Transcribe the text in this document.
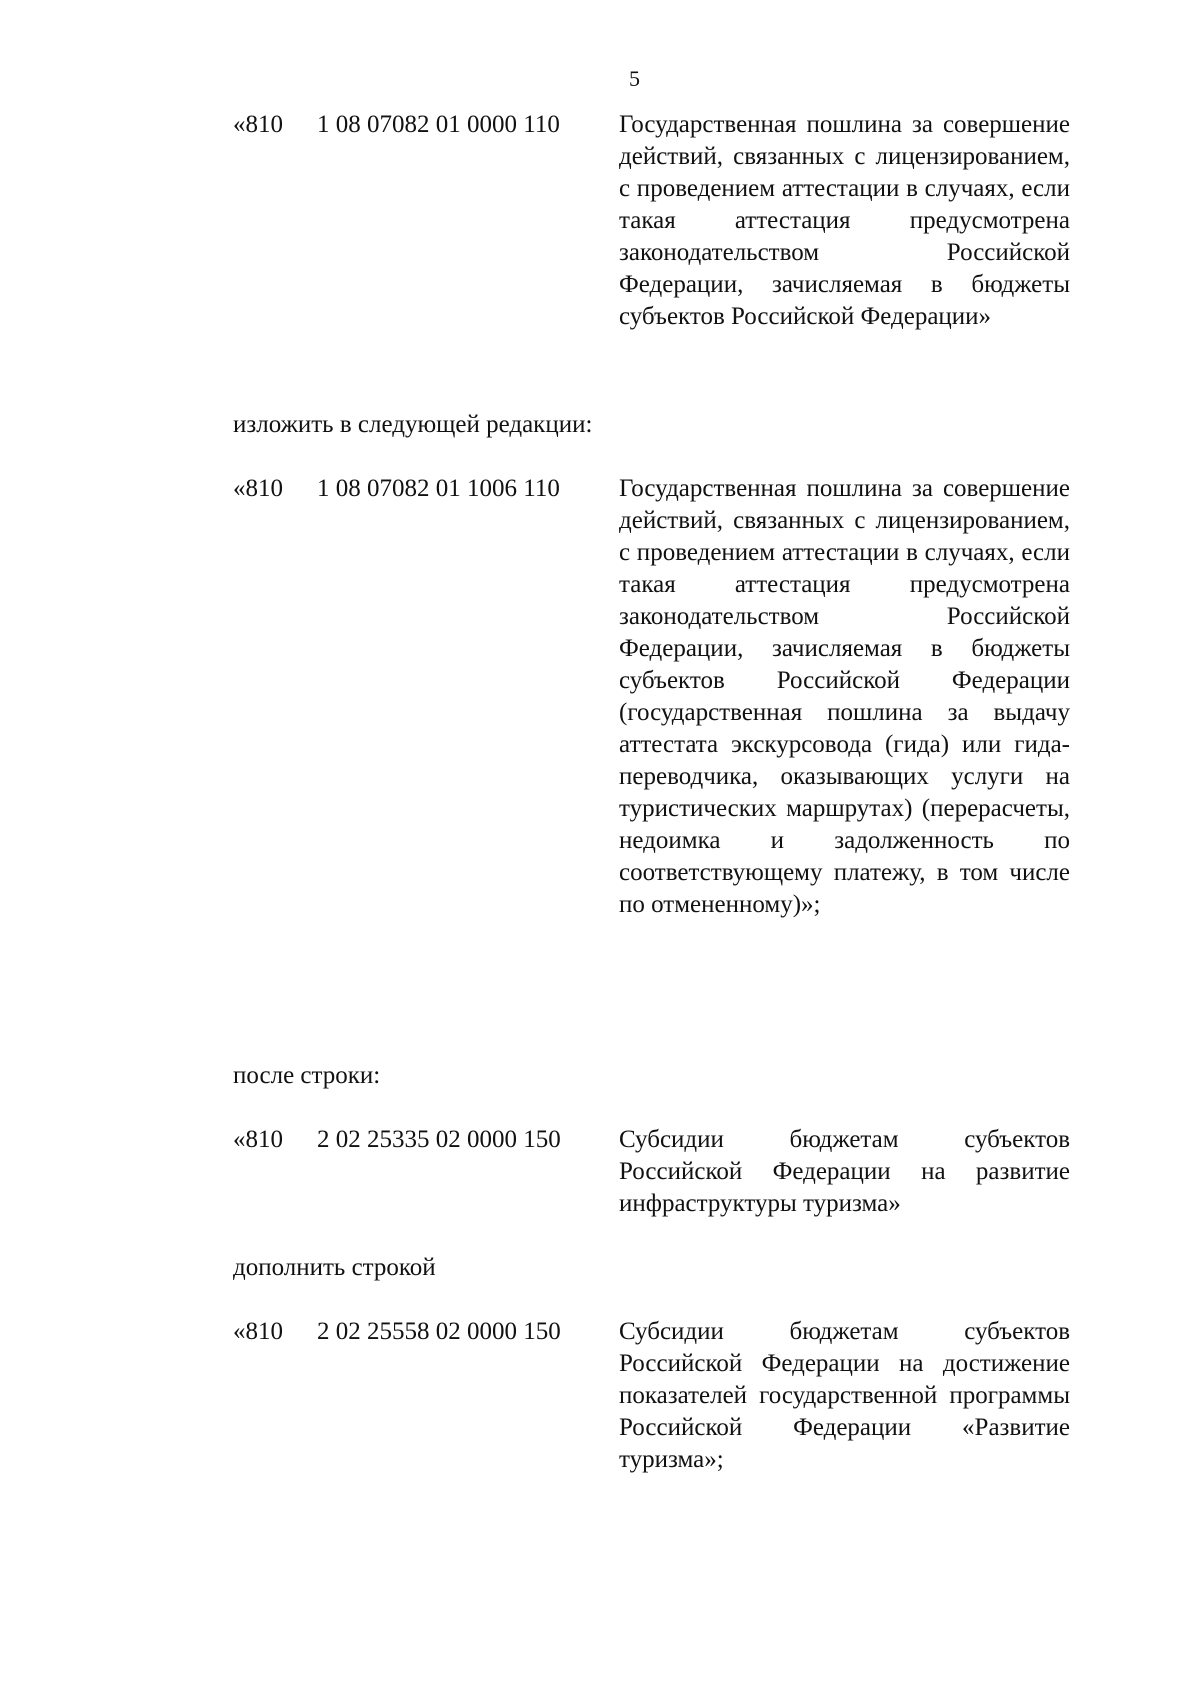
5
«810 1 08 07082 01 0000 110 Государственная пошлина за совершение действий, связанных с лицензированием, с проведением аттестации в случаях, если такая аттестация предусмотрена законодательством Российской Федерации, зачисляемая в бюджеты субъектов Российской Федерации»
изложить в следующей редакции:
«810 1 08 07082 01 1006 110 Государственная пошлина за совершение действий, связанных с лицензированием, с проведением аттестации в случаях, если такая аттестация предусмотрена законодательством Российской Федерации, зачисляемая в бюджеты субъектов Российской Федерации (государственная пошлина за выдачу аттестата экскурсовода (гида) или гида-переводчика, оказывающих услуги на туристических маршрутах) (перерасчеты, недоимка и задолженность по соответствующему платежу, в том числе по отмененному)»;
после строки:
«810 2 02 25335 02 0000 150 Субсидии бюджетам субъектов Российской Федерации на развитие инфраструктуры туризма»
дополнить строкой
«810 2 02 25558 02 0000 150 Субсидии бюджетам субъектов Российской Федерации на достижение показателей государственной программы Российской Федерации «Развитие туризма»;
